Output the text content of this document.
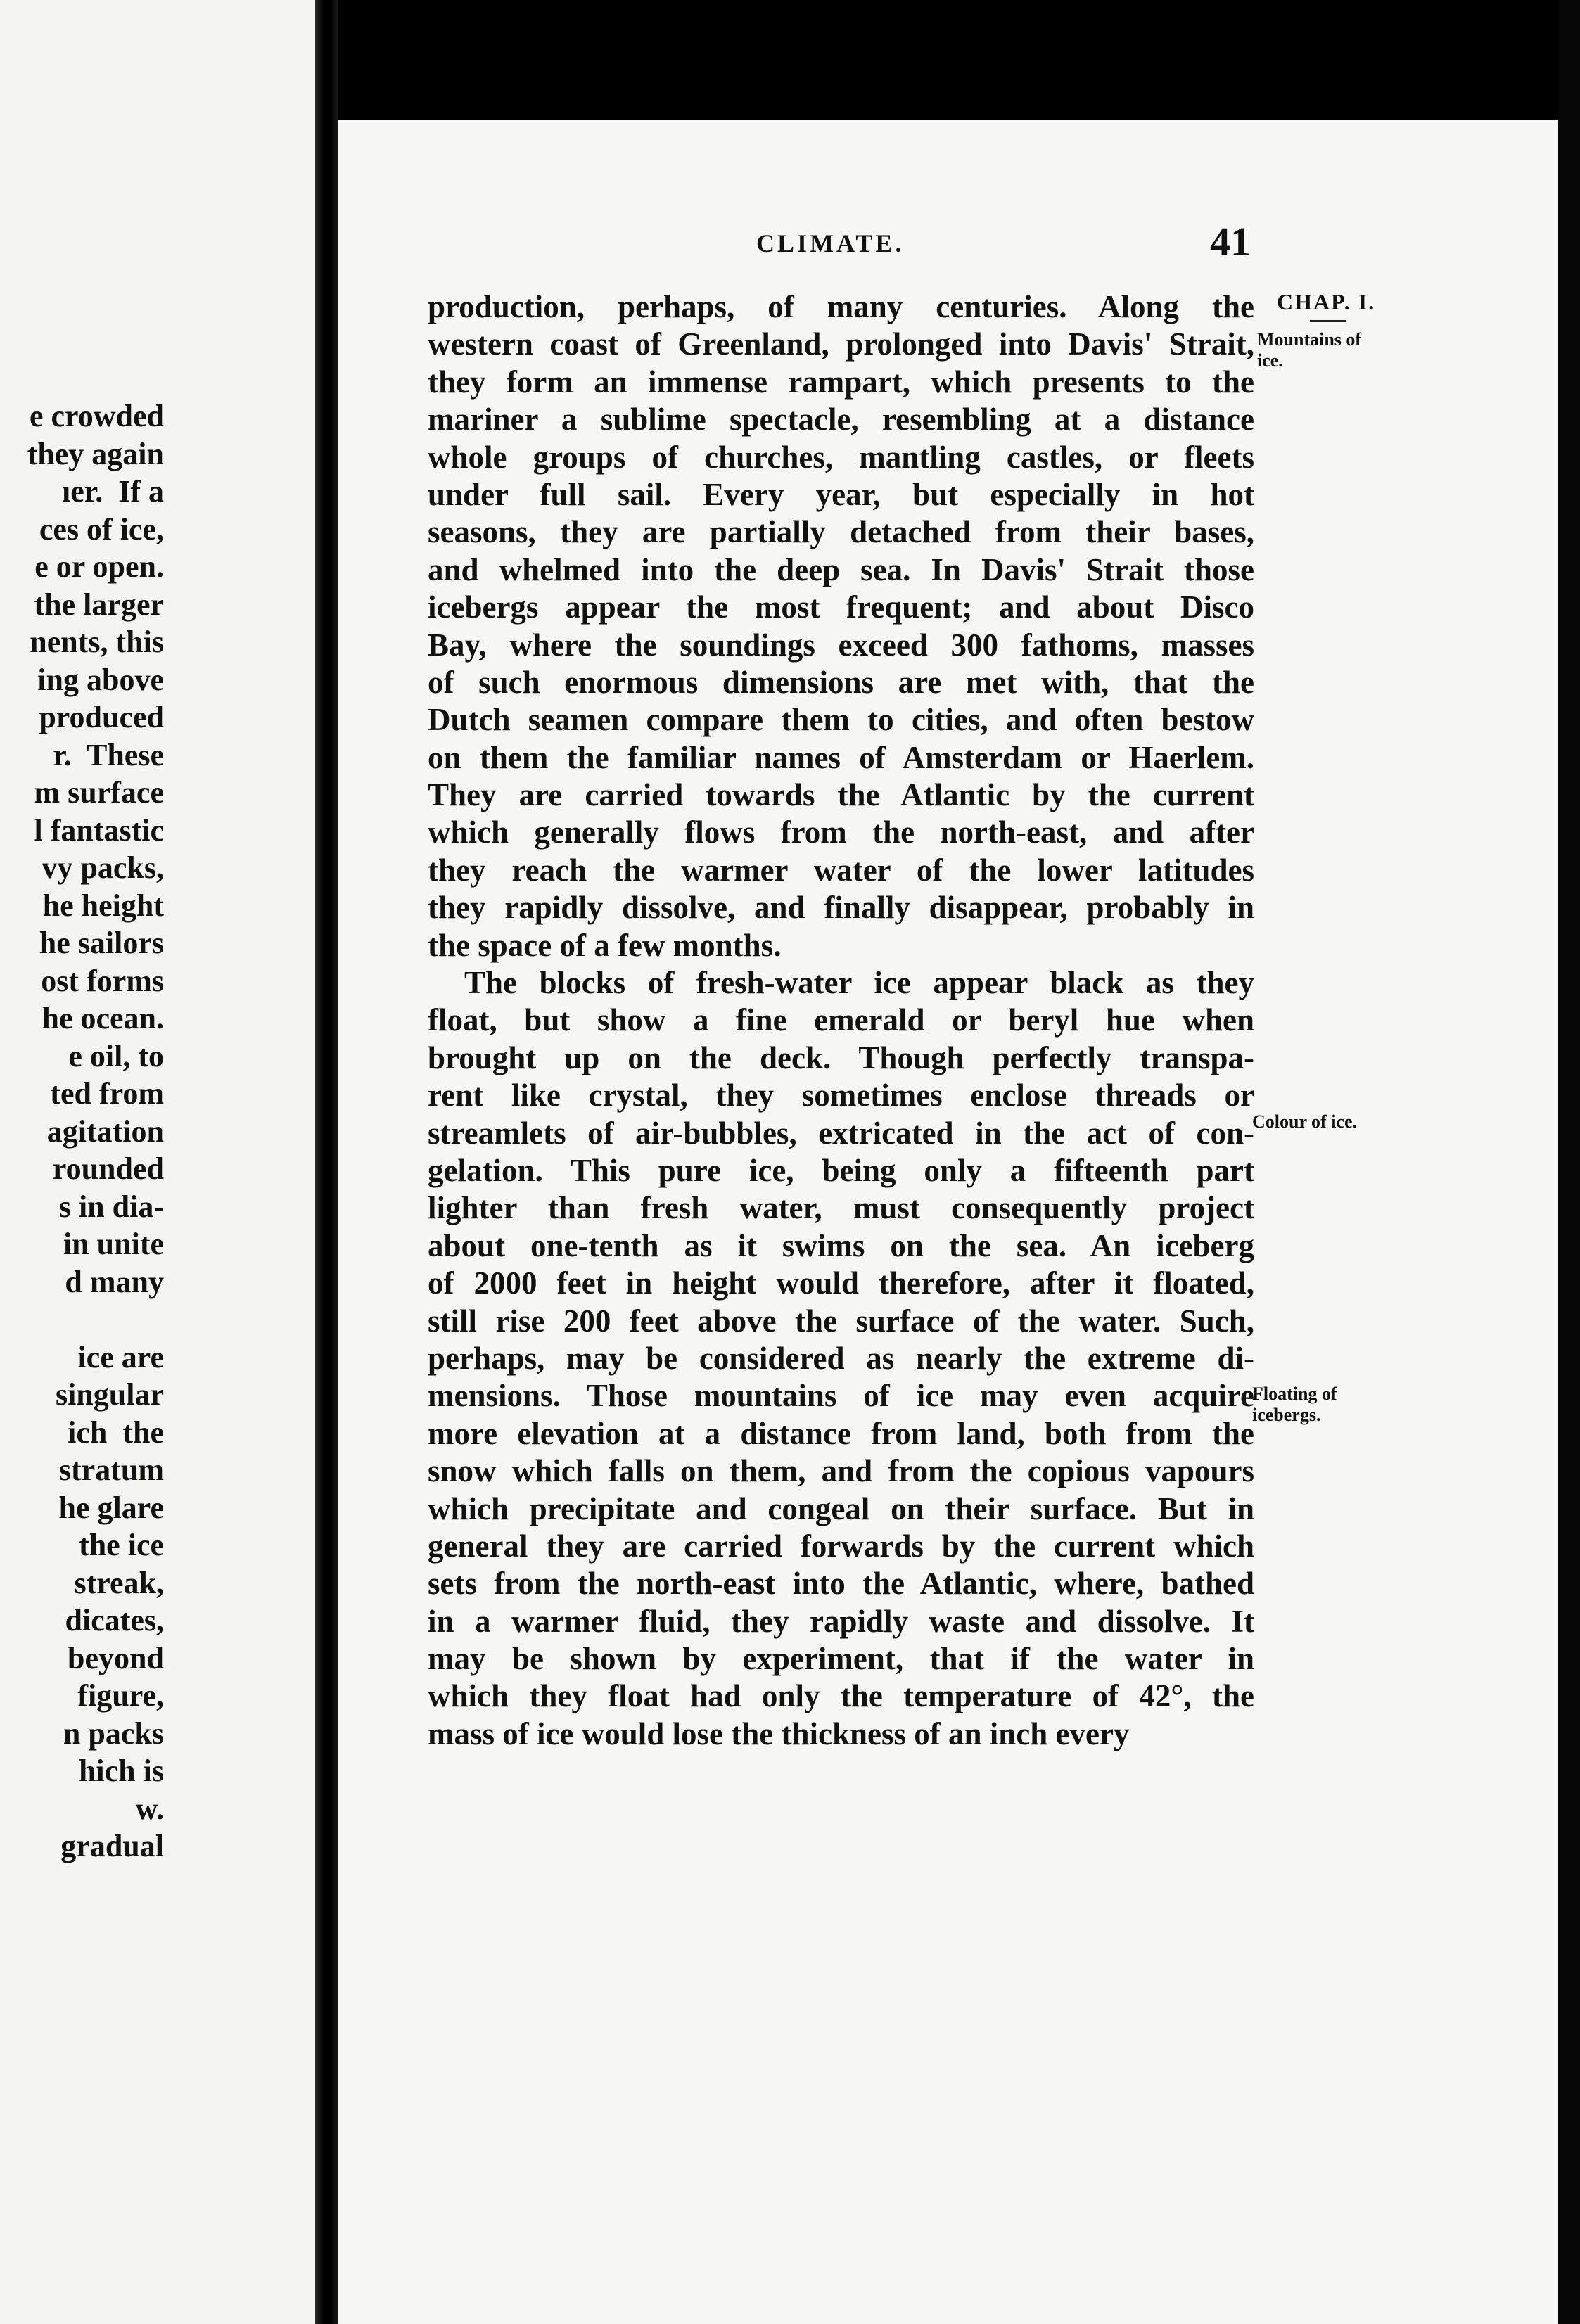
e crowded
they again
ıer.  If a
ces of ice,
e or open.
the larger
nents, this
ing above
produced
r.  These
m surface
l fantastic
vy packs,
he height
he sailors
ost forms
he ocean.
e oil, to
ted from
agitation
rounded
s in dia-
in unite
d many
ice are
singular
ich  the
stratum
he glare
the ice
streak,
dicates,
beyond
figure,
n packs
hich is
w.
gradual
CLIMATE.	41
CHAP. I.
Mountains of
ice.
Colour of ice.
Floating of
icebergs.
production, perhaps, of many centuries. Along the
western coast of Greenland, prolonged into Davis' Strait,
they form an immense rampart, which presents to the
mariner a sublime spectacle, resembling at a distance
whole groups of churches, mantling castles, or fleets
under full sail. Every year, but especially in hot
seasons, they are partially detached from their bases,
and whelmed into the deep sea. In Davis' Strait those
icebergs appear the most frequent; and about Disco
Bay, where the soundings exceed 300 fathoms, masses
of such enormous dimensions are met with, that the
Dutch seamen compare them to cities, and often bestow
on them the familiar names of Amsterdam or Haerlem.
They are carried towards the Atlantic by the current
which generally flows from the north-east, and after
they reach the warmer water of the lower latitudes
they rapidly dissolve, and finally disappear, probably in
the space of a few months.
The blocks of fresh-water ice appear black as they
float, but show a fine emerald or beryl hue when
brought up on the deck. Though perfectly transpa-
rent like crystal, they sometimes enclose threads or
streamlets of air-bubbles, extricated in the act of con-
gelation. This pure ice, being only a fifteenth part
lighter than fresh water, must consequently project
about one-tenth as it swims on the sea. An iceberg
of 2000 feet in height would therefore, after it floated,
still rise 200 feet above the surface of the water. Such,
perhaps, may be considered as nearly the extreme di-
mensions. Those mountains of ice may even acquire
more elevation at a distance from land, both from the
snow which falls on them, and from the copious vapours
which precipitate and congeal on their surface. But in
general they are carried forwards by the current which
sets from the north-east into the Atlantic, where, bathed
in a warmer fluid, they rapidly waste and dissolve. It
may be shown by experiment, that if the water in
which they float had only the temperature of 42°, the
mass of ice would lose the thickness of an inch every
